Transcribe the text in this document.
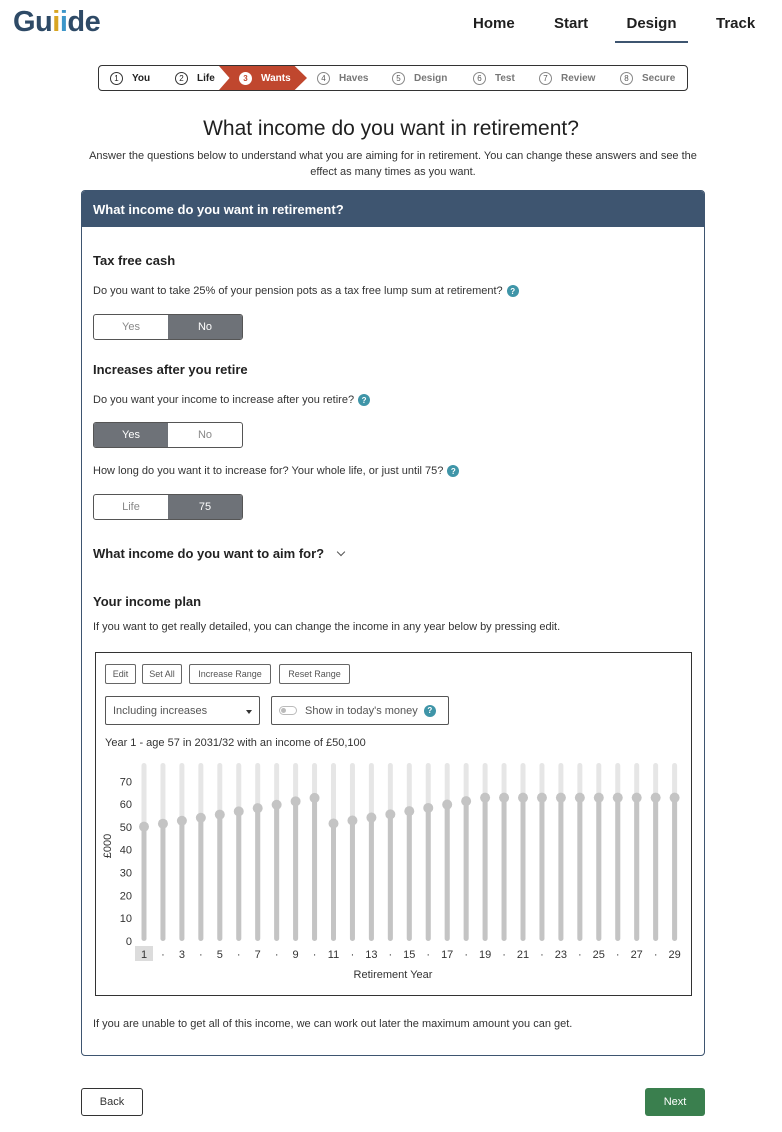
Guiide	Home	Start	Design	Track
1	You	2	Life	3	Wants	4	Haves	5	Design	6	Test	7	Review	8	Secure
What income do you want in retirement?
Answer the questions below to understand what you are aiming for in retirement. You can change these answers and see the effect as many times as you want.
What income do you want in retirement?
Tax free cash
Do you want to take 25% of your pension pots as a tax free lump sum at retirement? ?
Yes	No
Increases after you retire
Do you want your income to increase after you retire? ?
Yes	No
How long do you want it to increase for? Your whole life, or just until 75? ?
Life	75
What income do you want to aim for?
Your income plan
If you want to get really detailed, you can change the income in any year below by pressing edit.
Edit	Set All	Increase Range	Reset Range
Including increases	Show in today's money	?
Year 1 - age 57 in 2031/32 with an income of £50,100
0
10
20
30
40
50
60
70
1 · 3 · 5 · 7 · 9 · 11 · 13 · 15 · 17 · 19 · 21 · 23 · 25 · 27 · 29
£000
Retirement Year
If you are unable to get all of this income, we can work out later the maximum amount you can get.
Back	Next
